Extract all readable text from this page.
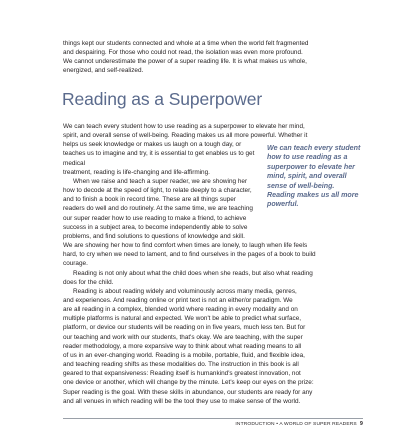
things kept our students connected and whole at a time when the world felt fragmented
and despairing. For those who could not read, the isolation was even more profound.
We cannot underestimate the power of a super reading life. It is what makes us whole,
energized, and self-realized.
Reading as a Superpower

We can teach every student how to use reading as a superpower to elevate her mind,
spirit, and overall sense of well-being. Reading makes us all more powerful. Whether it
helps us seek knowledge or makes us laugh on a tough day, or
teaches us to imagine and try, it is essential to get enables us to get medical
treatment, reading is life-changing and life-affirming.

When we raise and teach a super reader, we are showing her
how to decode at the speed of light, to relate deeply to a character,
and to finish a book in record time. These are all things super
readers do well and do routinely. At the same time, we are teaching
our super reader how to use reading to make a friend, to achieve
success in a subject area, to become independently able to solve
problems, and find solutions to questions of knowledge and skill.
We are showing her how to find comfort when times are lonely, to laugh when life feels
hard, to cry when we need to lament, and to find ourselves in the pages of a book to build
courage.

Reading is not only about what the child does when she reads, but also what reading
does for the child.

Reading is about reading widely and voluminously across many media, genres,
and experiences. And reading online or print text is not an either/or paradigm. We
are all reading in a complex, blended world where reading in every modality and on
multiple platforms is natural and expected. We won't be able to predict what surface,
platform, or device our students will be reading on in five years, much less ten. But for
our teaching and work with our students, that's okay. We are teaching, with the super
reader methodology, a more expansive way to think about what reading means to all
of us in an ever-changing world. Reading is a mobile, portable, fluid, and flexible idea,
and teaching reading shifts as these modalities do. The instruction in this book is all
geared to that expansiveness: Reading itself is humankind's greatest innovation, not
one device or another, which will change by the minute. Let's keep our eyes on the prize:
Super reading is the goal. With these skills in abundance, our students are ready for any
and all venues in which reading will be the tool they use to make sense of the world.

We can teach every student how to use reading as a superpower to elevate her mind, spirit, and overall sense of well-being. Reading makes us all more powerful.

INTRODUCTION • A WORLD OF SUPER READERS 9
